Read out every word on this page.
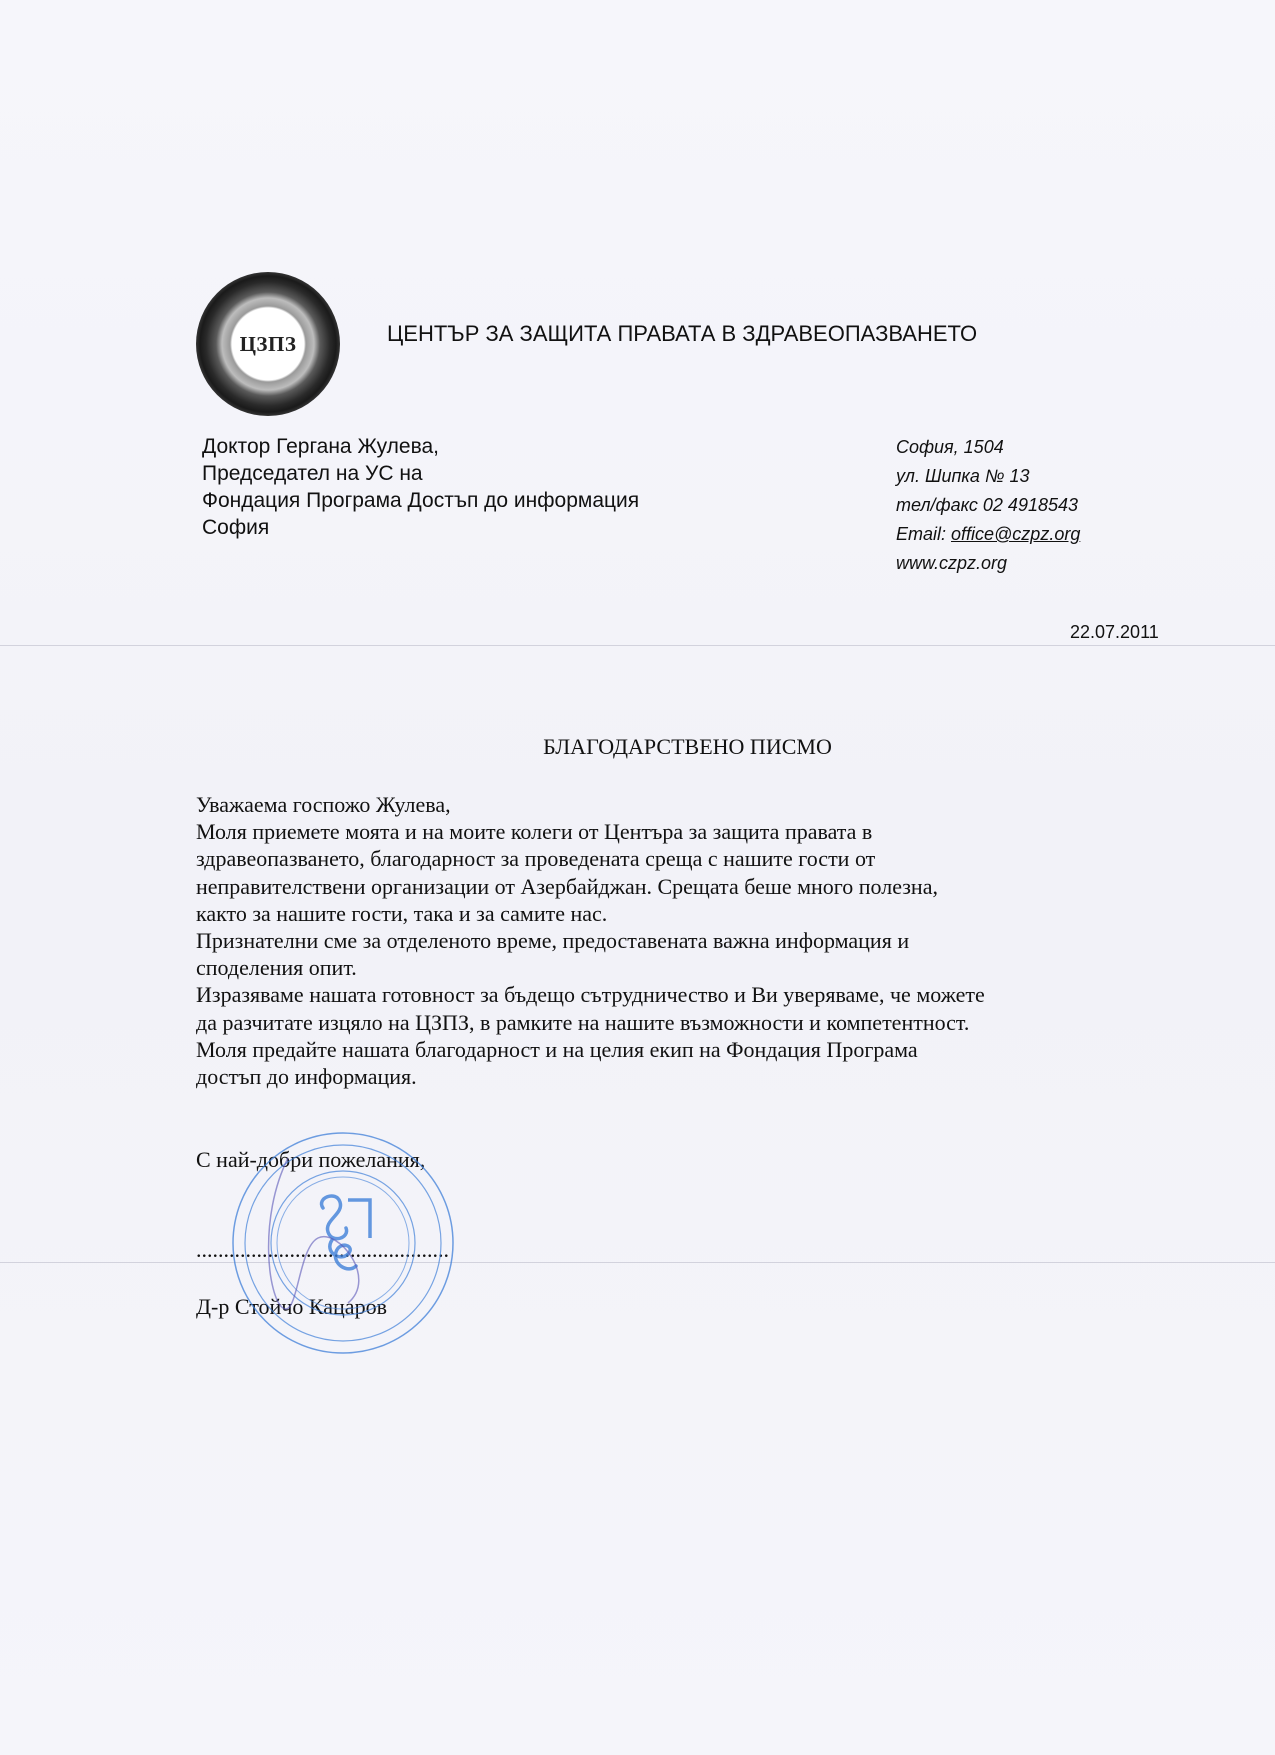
ЦЗПЗ	ЦЕНТЪР ЗА ЗАЩИТА ПРАВАТА В ЗДРАВЕОПАЗВАНЕТО
Доктор Гергана Жулева,
Председател на УС на
Фондация Програма Достъп до информация
София
София, 1504
ул. Шипка № 13
тел/факс 02 4918543
Email: office@czpz.org
www.czpz.org
22.07.2011
БЛАГОДАРСТВЕНО ПИСМО
Уважаема госпожо Жулева,
Моля приемете моята и на моите колеги от Центъра за защита правата в
здравеопазването, благодарност за проведената среща с нашите гости от
неправителствени организации от Азербайджан. Срещата беше много полезна,
както за нашите гости, така и за самите нас.
Признателни сме за отделеното време, предоставената важна информация и
споделения опит.
Изразяваме нашата готовност за бъдещо сътрудничество и Ви уверяваме, че можете
да разчитате изцяло на ЦЗПЗ, в рамките на нашите възможности и компетентност.
Моля предайте нашата благодарност и на целия екип на Фондация Програма
достъп до информация.
С най-добри пожелания,
..............................................
Д-р Стойчо Кацаров
